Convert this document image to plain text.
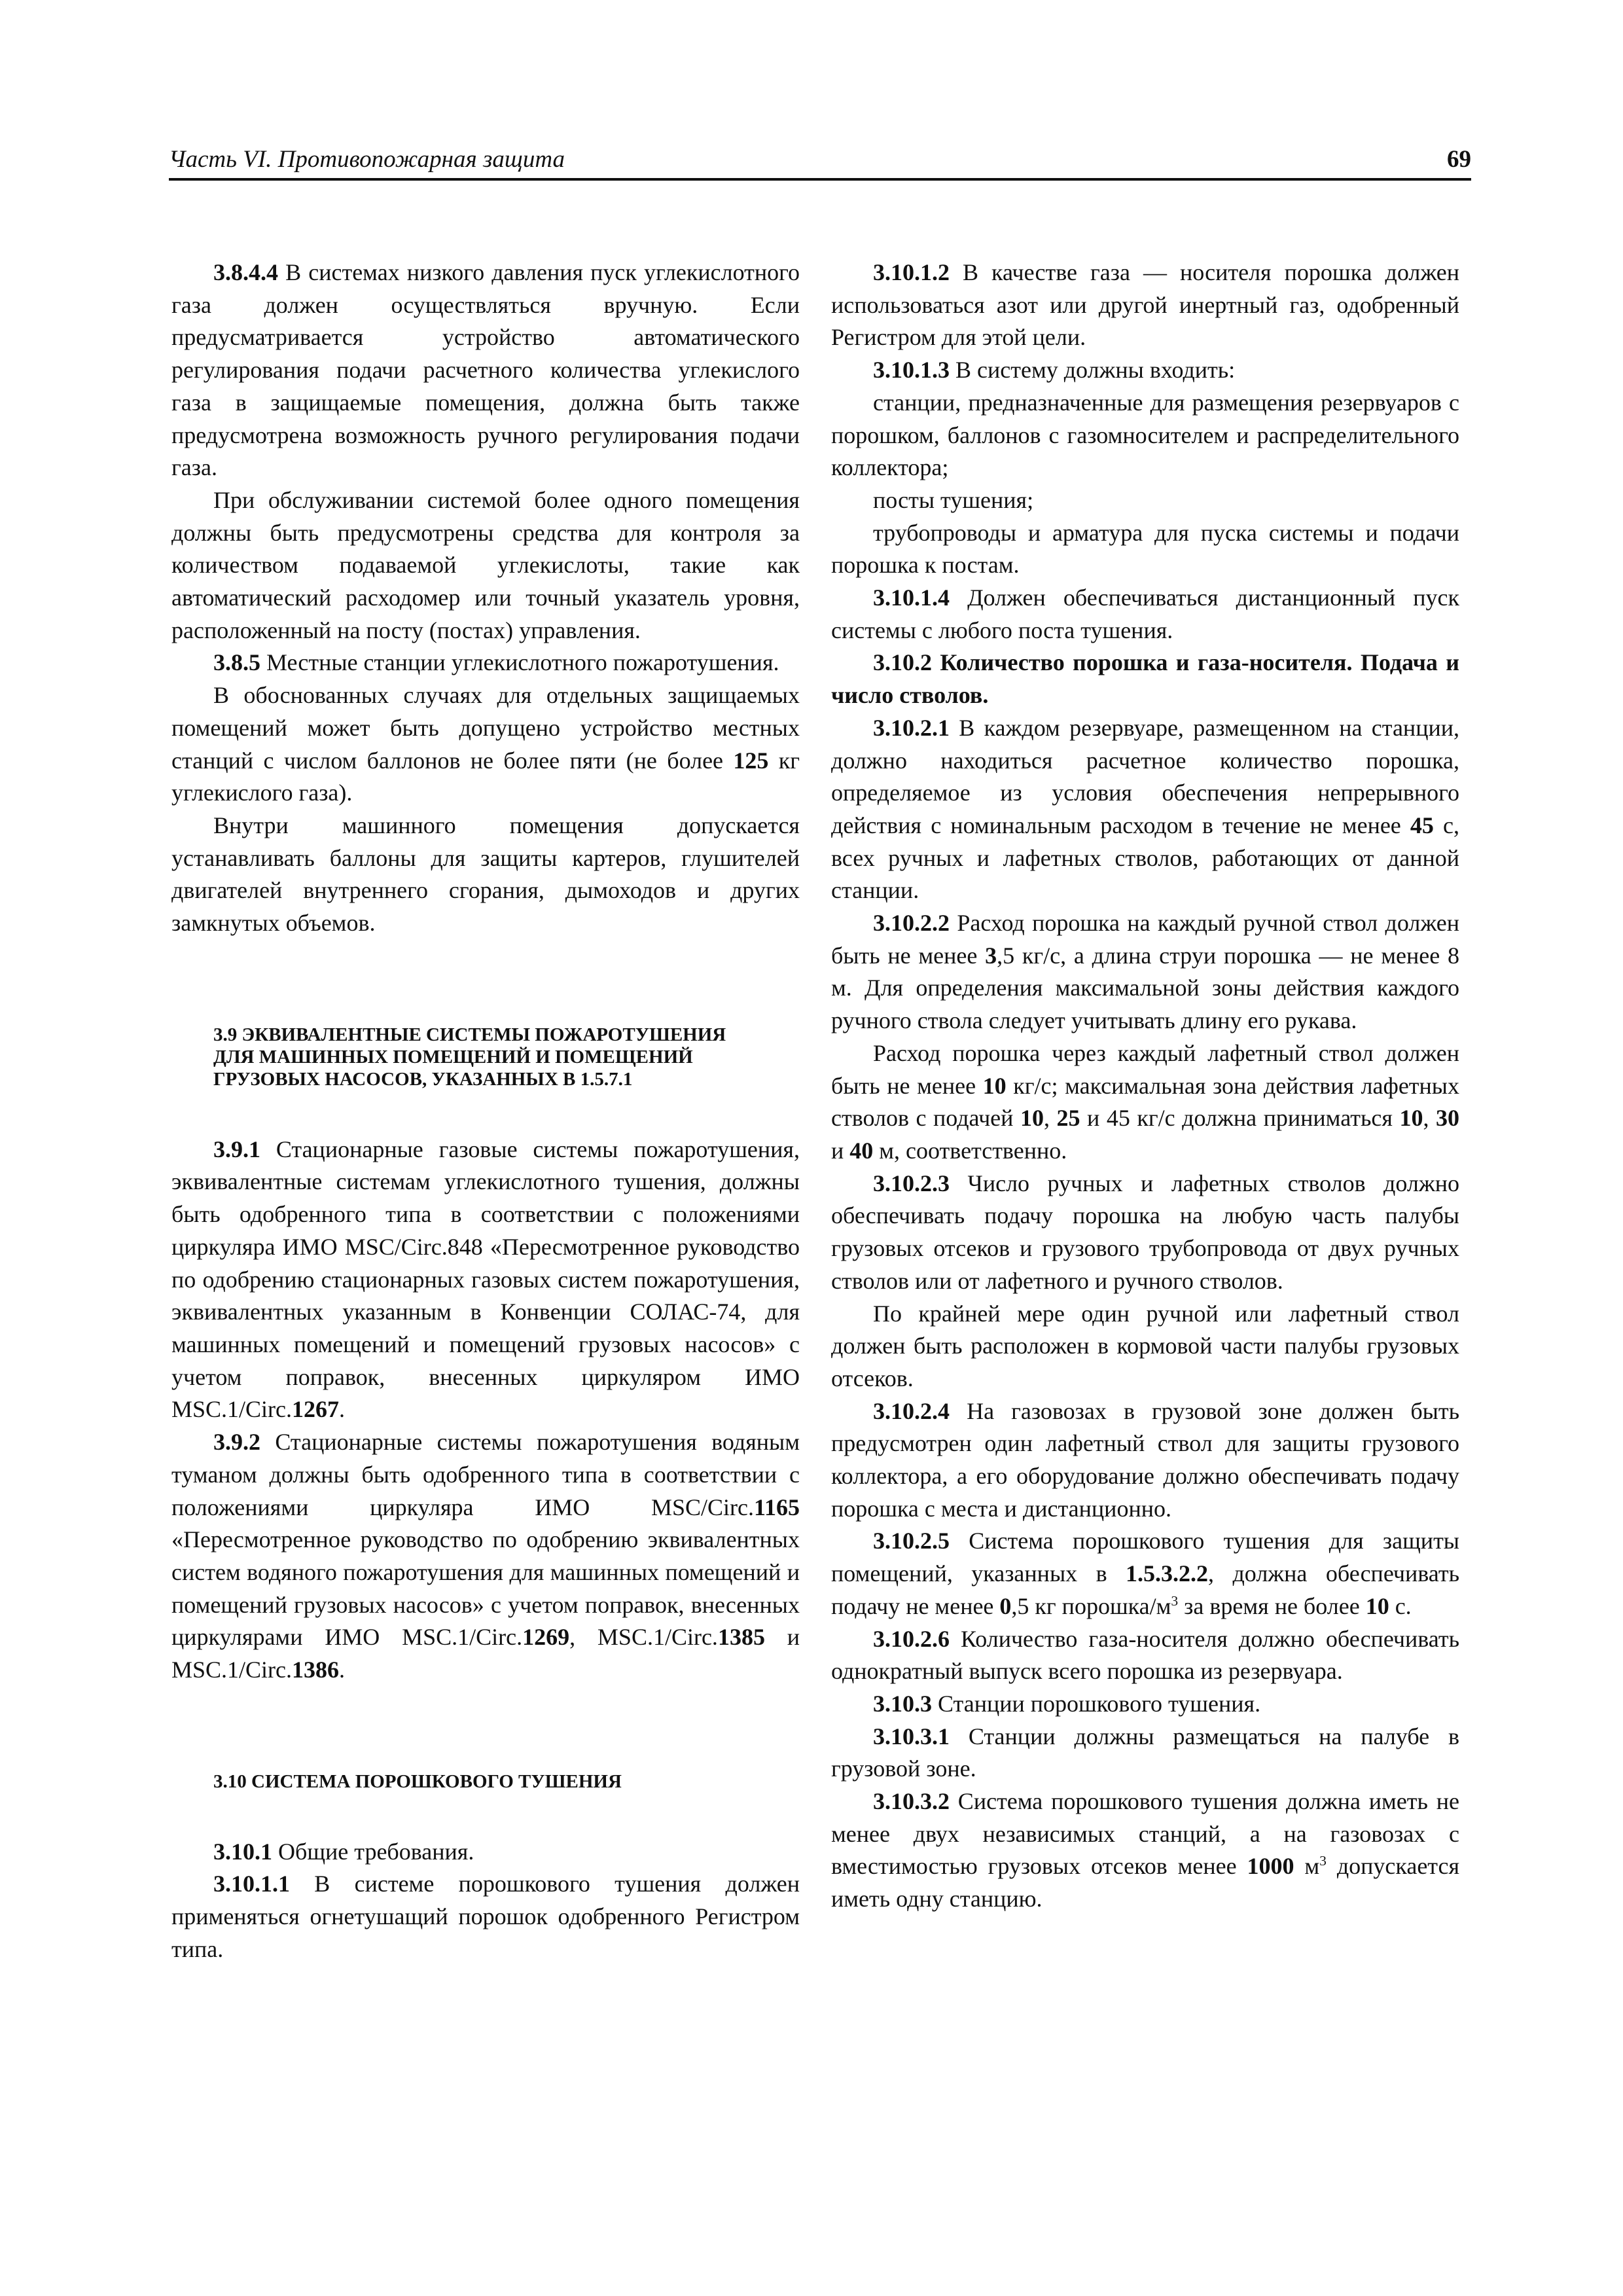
Часть VI. Противопожарная защита	69

3.8.4.4 В системах низкого давления пуск углекислотного газа должен осуществляться вручную. Если предусматривается устройство автоматического регулирования подачи расчетного количества углекислого газа в защищаемые помещения, должна быть также предусмотрена возможность ручного регулирования подачи газа.

При обслуживании системой более одного помещения должны быть предусмотрены средства для контроля за количеством подаваемой углекислоты, такие как автоматический расходомер или точный указатель уровня, расположенный на посту (постах) управления.

3.8.5 Местные станции углекислотного пожаротушения.

В обоснованных случаях для отдельных защищаемых помещений может быть допущено устройство местных станций с числом баллонов не более пяти (не более 125 кг углекислого газа).

Внутри машинного помещения допускается устанавливать баллоны для защиты картеров, глушителей двигателей внутреннего сгорания, дымоходов и других замкнутых объемов.

3.9 ЭКВИВАЛЕНТНЫЕ СИСТЕМЫ ПОЖАРОТУШЕНИЯ

ДЛЯ МАШИННЫХ ПОМЕЩЕНИЙ И ПОМЕЩЕНИЙ

ГРУЗОВЫХ НАСОСОВ, УКАЗАННЫХ В 1.5.7.1

3.9.1 Стационарные газовые системы пожаротушения, эквивалентные системам углекислотного тушения, должны быть одобренного типа в соответствии с положениями циркуляра ИМО MSC/Circ.848 «Пересмотренное руководство по одобрению стационарных газовых систем пожаротушения, эквивалентных указанным в Конвенции СОЛАС-74, для машинных помещений и помещений грузовых насосов» с учетом поправок, внесенных циркуляром ИМО MSC.1/Circ.1267.

3.9.2 Стационарные системы пожаротушения водяным туманом должны быть одобренного типа в соответствии с положениями циркуляра ИМО MSC/Circ.1165 «Пересмотренное руководство по одобрению эквивалентных систем водяного пожаротушения для машинных помещений и помещений грузовых насосов» с учетом поправок, внесенных циркулярами ИМО MSC.1/Circ.1269, MSC.1/Circ.1385 и MSC.1/Circ.1386.

3.10 СИСТЕМА ПОРОШКОВОГО ТУШЕНИЯ

3.10.1 Общие требования.

3.10.1.1 В системе порошкового тушения должен применяться огнетушащий порошок одобренного Регистром типа.

3.10.1.2 В качестве газа — носителя порошка должен использоваться азот или другой инертный газ, одобренный Регистром для этой цели.

3.10.1.3 В систему должны входить:

станции, предназначенные для размещения резервуаров с порошком, баллонов с газомносителем и распределительного коллектора;

посты тушения;

трубопроводы и арматура для пуска системы и подачи порошка к постам.

3.10.1.4 Должен обеспечиваться дистанционный пуск системы с любого поста тушения.

3.10.2 Количество порошка и газа-носителя. Подача и число стволов.

3.10.2.1 В каждом резервуаре, размещенном на станции, должно находиться расчетное количество порошка, определяемое из условия обеспечения непрерывного действия с номинальным расходом в течение не менее 45 с, всех ручных и лафетных стволов, работающих от данной станции.

3.10.2.2 Расход порошка на каждый ручной ствол должен быть не менее 3,5 кг/с, а длина струи порошка — не менее 8 м. Для определения максимальной зоны действия каждого ручного ствола следует учитывать длину его рукава.

Расход порошка через каждый лафетный ствол должен быть не менее 10 кг/с; максимальная зона действия лафетных стволов с подачей 10, 25 и 45 кг/с должна приниматься 10, 30 и 40 м, соответственно.

3.10.2.3 Число ручных и лафетных стволов должно обеспечивать подачу порошка на любую часть палубы грузовых отсеков и грузового трубопровода от двух ручных стволов или от лафетного и ручного стволов.

По крайней мере один ручной или лафетный ствол должен быть расположен в кормовой части палубы грузовых отсеков.

3.10.2.4 На газовозах в грузовой зоне должен быть предусмотрен один лафетный ствол для защиты грузового коллектора, а его оборудование должно обеспечивать подачу порошка с места и дистанционно.

3.10.2.5 Система порошкового тушения для защиты помещений, указанных в 1.5.3.2.2, должна обеспечивать подачу не менее 0,5 кг порошка/$м^3$ за время не более 10 с.

3.10.2.6 Количество газа-носителя должно обеспечивать однократный выпуск всего порошка из резервуара.

3.10.3 Станции порошкового тушения.

3.10.3.1 Станции должны размещаться на палубе в грузовой зоне.

3.10.3.2 Система порошкового тушения должна иметь не менее двух независимых станций, а на газовозах с вместимостью грузовых отсеков менее 1000 $м^3$ допускается иметь одну станцию.
